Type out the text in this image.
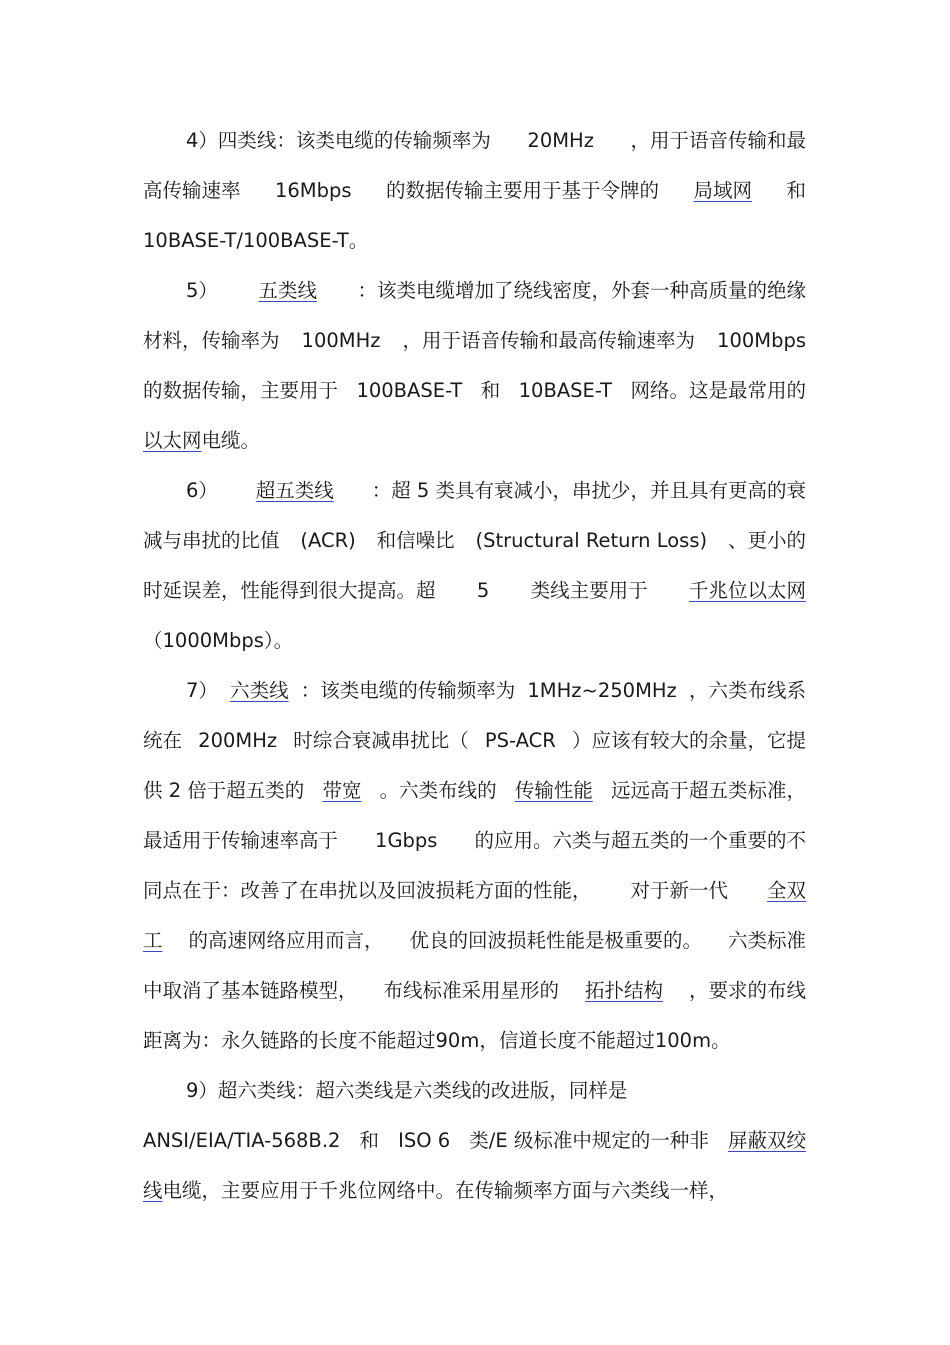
4）四类线：该类电缆的传输频率为 20MHz ，用于语音传输和最
高传输速率 16Mbps 的数据传输主要用于基于令牌的 局域网 和
10BASE-T/100BASE-T。
5） 五类线 ：该类电缆增加了绕线密度，外套一种高质量的绝缘
材料，传输率为 100MHz ，用于语音传输和最高传输速率为 100Mbps
的数据传输，主要用于 100BASE-T 和 10BASE-T 网络。这是最常用的
以太网电缆。
6） 超五类线 ：超 5 类具有衰减小，串扰少，并且具有更高的衰
减与串扰的比值 (ACR) 和信噪比 (Structural Return Loss) 、更小的
时延误差，性能得到很大提高。超 5 类线主要用于 千兆位以太网
（1000Mbps）。
7） 六类线 ：该类电缆的传输频率为 1MHz~250MHz ，六类布线系
统在 200MHz 时综合衰减串扰比（ PS-ACR ）应该有较大的余量，它提
供 2 倍于超五类的 带宽 。六类布线的 传输性能 远远高于超五类标准，
最适用于传输速率高于 1Gbps 的应用。六类与超五类的一个重要的不
同点在于：改善了在串扰以及回波损耗方面的性能， 对于新一代 全双
工 的高速网络应用而言， 优良的回波损耗性能是极重要的。 六类标准
中取消了基本链路模型， 布线标准采用星形的 拓扑结构 ，要求的布线
距离为：永久链路的长度不能超过90m，信道长度不能超过100m。
9）超六类线：超六类线是六类线的改进版，同样是
ANSI/EIA/TIA-568B.2 和 ISO 6 类/E 级标准中规定的一种非 屏蔽双绞
线电缆，主要应用于千兆位网络中。在传输频率方面与六类线一样，
